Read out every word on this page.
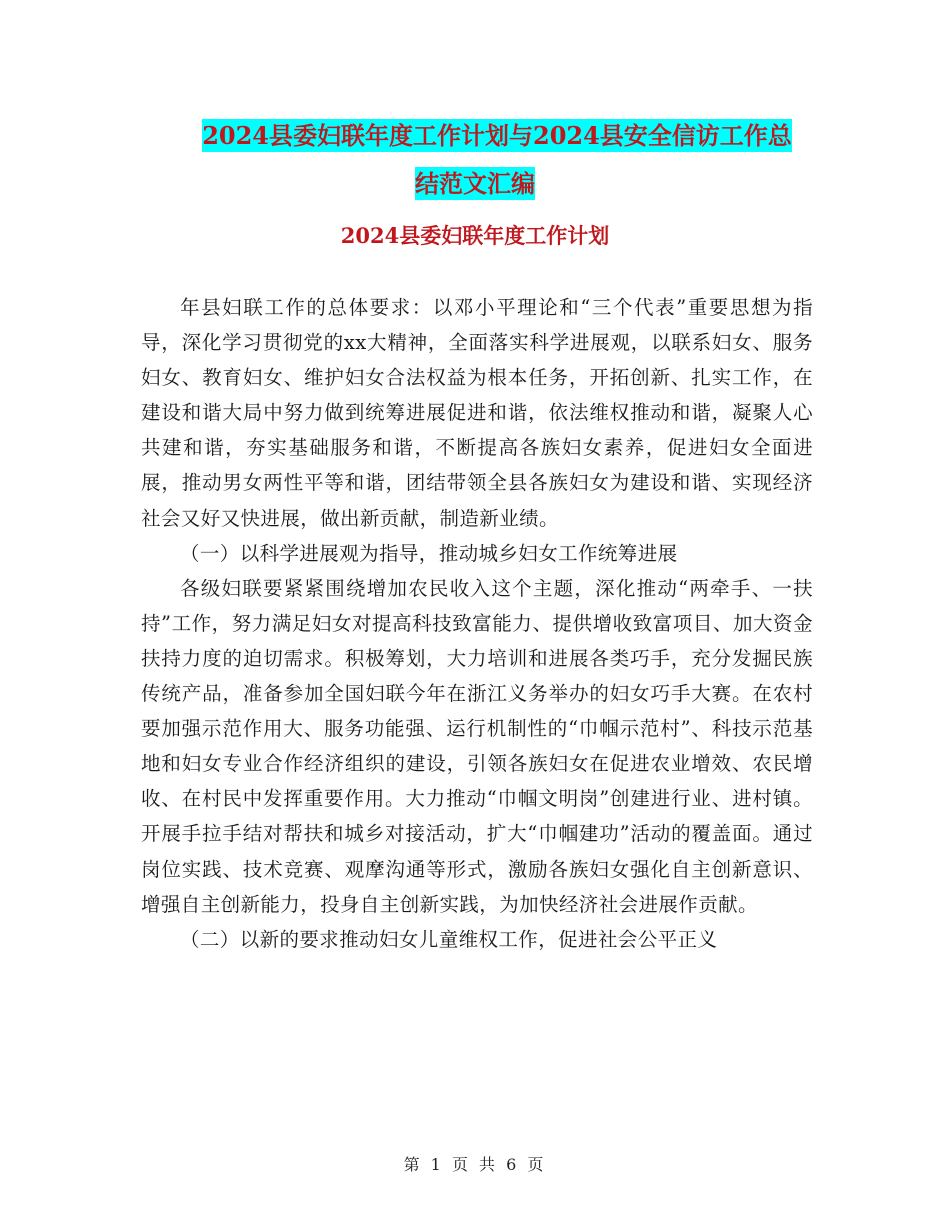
2024县委妇联年度工作计划与2024县安全信访工作总
结范文汇编
2024县委妇联年度工作计划

年县妇联工作的总体要求：以邓小平理论和“三个代表”重要思想为指导，深化学习贯彻党的xx大精神，全面落实科学进展观，以联系妇女、服务妇女、教育妇女、维护妇女合法权益为根本任务，开拓创新、扎实工作，在建设和谐大局中努力做到统筹进展促进和谐，依法维权推动和谐，凝聚人心共建和谐，夯实基础服务和谐，不断提高各族妇女素养，促进妇女全面进展，推动男女两性平等和谐，团结带领全县各族妇女为建设和谐、实现经济社会又好又快进展，做出新贡献，制造新业绩。

（一）以科学进展观为指导，推动城乡妇女工作统筹进展

各级妇联要紧紧围绕增加农民收入这个主题，深化推动“两牵手、一扶持”工作，努力满足妇女对提高科技致富能力、提供增收致富项目、加大资金扶持力度的迫切需求。积极筹划，大力培训和进展各类巧手，充分发掘民族传统产品，准备参加全国妇联今年在浙江义务举办的妇女巧手大赛。在农村要加强示范作用大、服务功能强、运行机制性的“巾帼示范村”、科技示范基地和妇女专业合作经济组织的建设，引领各族妇女在促进农业增效、农民增收、在村民中发挥重要作用。大力推动“巾帼文明岗”创建进行业、进村镇。开展手拉手结对帮扶和城乡对接活动，扩大“巾帼建功”活动的覆盖面。通过岗位实践、技术竞赛、观摩沟通等形式，激励各族妇女强化自主创新意识、增强自主创新能力，投身自主创新实践，为加快经济社会进展作贡献。

（二）以新的要求推动妇女儿童维权工作，促进社会公平正义

第 1 页 共 6 页
